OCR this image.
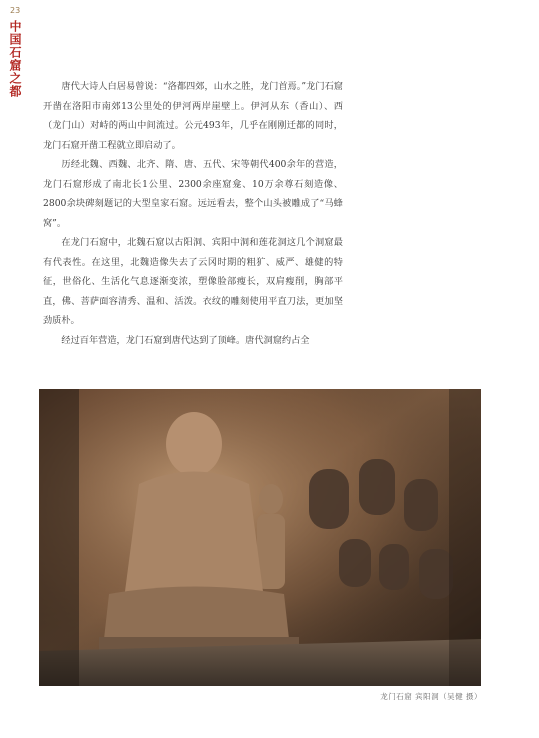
23
中国石窟之都	唐代大诗人白居易曾说：“洛都四郊，山水之胜，龙门首焉。”龙门石窟开凿在洛阳市南郊13公里处的伊河两岸崖壁上。伊河从东（香山）、西（龙门山）对峙的两山中间流过。公元493年，几乎在刚刚迁都的同时，龙门石窟开凿工程就立即启动了。

历经北魏、西魏、北齐、隋、唐、五代、宋等朝代400余年的营造，龙门石窟形成了南北长1公里、2300余座窟龛、10万余尊石刻造像、2800余块碑刻题记的大型皇家石窟。远远看去，整个山头被雕成了“马蜂窝”。

在龙门石窟中，北魏石窟以古阳洞、宾阳中洞和莲花洞这几个洞窟最有代表性。在这里，北魏造像失去了云冈时期的粗犷、威严、雄健的特征，世俗化、生活化气息逐渐变浓，塑像脸部瘦长，双肩瘦削，胸部平直，佛、菩萨面容清秀、温和、活泼。衣纹的雕刻使用平直刀法，更加坚劲质朴。

经过百年营造，龙门石窟到唐代达到了顶峰。唐代洞窟约占全

龙门石窟 宾阳洞（吴健 摄）
